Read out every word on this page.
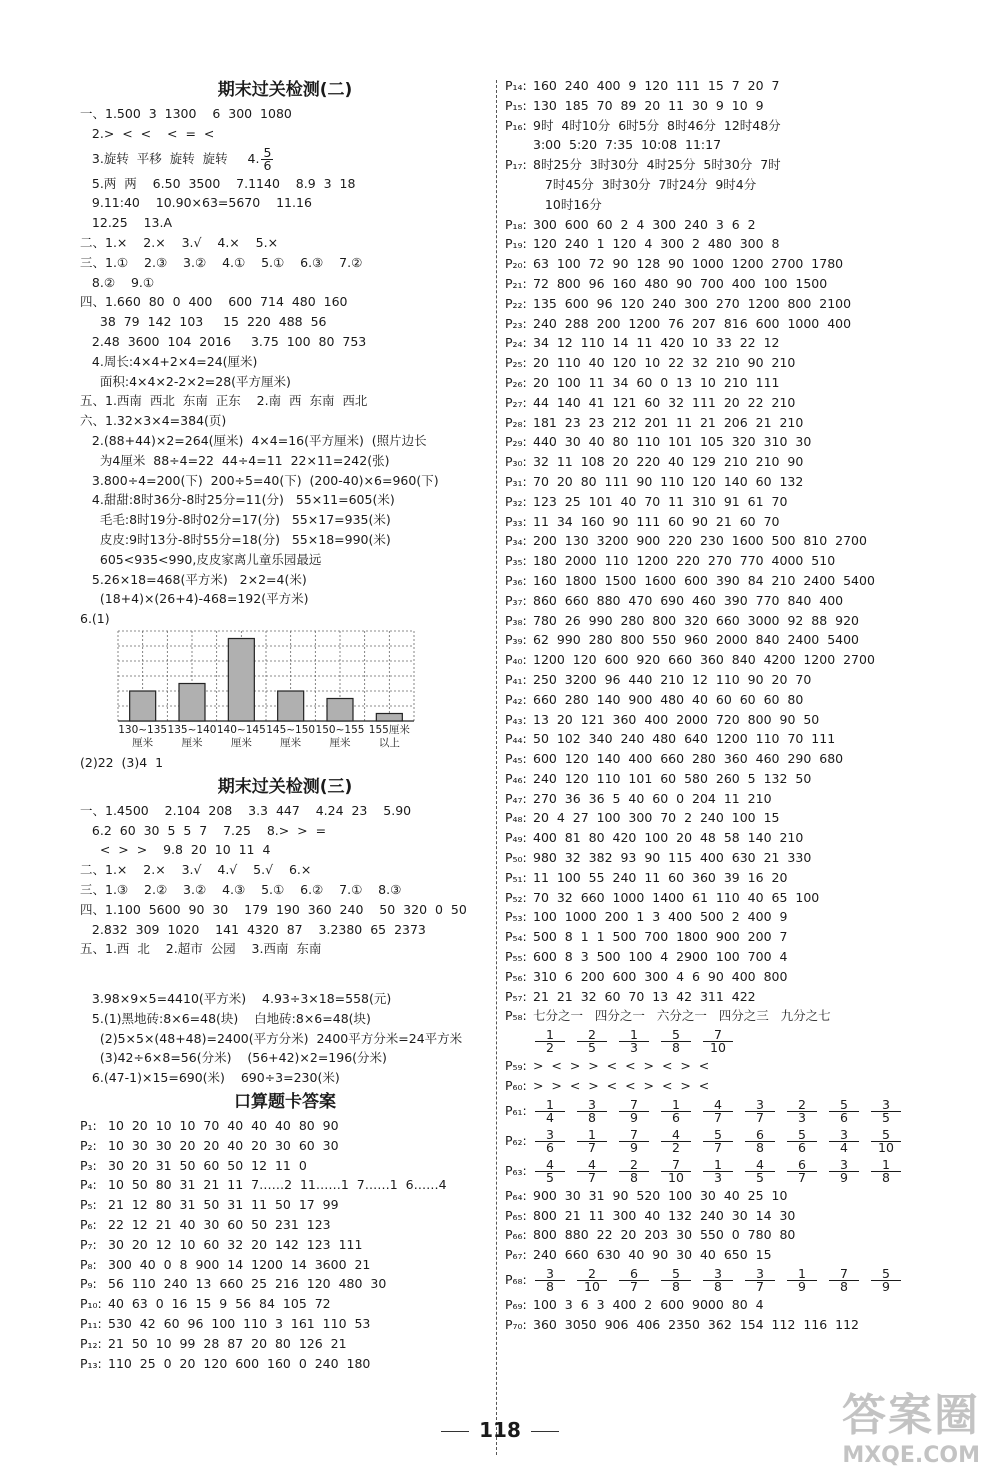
期末过关检测(二)
一、1.500  3  1300    6  300  1080
2.>  <  <    <  =  <
3.旋转  平移  旋转  旋转     4. $\frac{5}{6}$
5.两  两    6.50  3500    7.1140    8.9  3  18
9.11:40    10.90×63=5670    11.16
12.25    13.A
二、1.×    2.×    3.√    4.×    5.×
三、1.①    2.③    3.②    4.①    5.①    6.③    7.②
8.②    9.①
四、1.660  80  0  400    600  714  480  160
38  79  142  103     15  220  488  56
2.48  3600  104  2016     3.75  100  80  753
4.周长:4×4+2×4=24(厘米)
面积:4×4×2-2×2=28(平方厘米)
五、1.西南  西北  东南  正东    2.南  西  东南  西北
六、1.32×3×4=384(页)
2.(88+44)×2=264(厘米)  4×4=16(平方厘米)  (照片边长
为4厘米  88÷4=22  44÷4=11  22×11=242(张)
3.800÷4=200(下)  200÷5=40(下)  (200-40)×6=960(下)
4.甜甜:8时36分-8时25分=11(分)   55×11=605(米)
毛毛:8时19分-8时02分=17(分)   55×17=935(米)
皮皮:9时13分-8时55分=18(分)   55×18=990(米)
605<935<990,皮皮家离儿童乐园最远
5.26×18=468(平方米)   2×2=4(米)
(18+4)×(26+4)-468=192(平方米)
6.(1)
130~135
厘米
135~140
厘米
140~145
厘米
145~150
厘米
150~155
厘米
155厘米
以上
(2)22  (3)4  1
期末过关检测(三)
一、1.4500    2.104  208    3.3  447    4.24  23    5.90
6.2  60  30  5  5  7    7.25    8.>  >  =
<  >  >    9.8  20  10  11  4
二、1.×    2.×    3.√    4.√    5.√    6.×
三、1.③    2.②    3.②    4.③    5.①    6.②    7.①    8.③
四、1.100  5600  90  30    179  190  360  240    50  320  0  50
2.832  309  1020    141  4320  87    3.2380  65  2373
五、1.西  北    2.超市  公园    3.西南  东南

3.98×9×5=4410(平方米)    4.93÷3×18=558(元)
5.(1)黑地砖:8×6=48(块)    白地砖:8×6=48(块)
(2)5×5×(48+48)=2400(平方分米)  2400平方分米=24平方米
(3)42÷6×8=56(分米)    (56+42)×2=196(分米)
6.(47-1)×15=690(米)    690÷3=230(米)
口算题卡答案
P₁: 10  20  10  10  70  40  40  40  80  90
P₂: 10  30  30  20  20  40  20  30  60  30
P₃: 30  20  31  50  60  50  12  11  0
P₄: 10  50  80  31  21  11  7……2  11……1  7……1  6……4
P₅: 21  12  80  31  50  31  11  50  17  99
P₆: 22  12  21  40  30  60  50  231  123
P₇: 30  20  12  10  60  32  20  142  123  111
P₈: 300  40  0  8  900  14  1200  14  3600  21
P₉: 56  110  240  13  660  25  216  120  480  30
P₁₀: 40  63  0  16  15  9  56  84  105  72
P₁₁: 530  42  60  96  100  110  3  161  110  53
P₁₂: 21  50  10  99  28  87  20  80  126  21
P₁₃: 110  25  0  20  120  600  160  0  240  180
P₁₄: 160  240  400  9  120  111  15  7  20  7
P₁₅: 130  185  70  89  20  11  30  9  10  9
P₁₆: 9时  4时10分  6时5分  8时46分  12时48分
3:00  5:20  7:35  10:08  11:17
P₁₇: 8时25分  3时30分  4时25分  5时30分  7时
7时45分  3时30分  7时24分  9时4分
10时16分
P₁₈: 300  600  60  2  4  300  240  3  6  2
P₁₉: 120  240  1  120  4  300  2  480  300  8
P₂₀: 63  100  72  90  128  90  1000  1200  2700  1780
P₂₁: 72  800  96  160  480  90  700  400  100  1500
P₂₂: 135  600  96  120  240  300  270  1200  800  2100
P₂₃: 240  288  200  1200  76  207  816  600  1000  400
P₂₄: 34  12  110  14  11  420  10  33  22  12
P₂₅: 20  110  40  120  10  22  32  210  90  210
P₂₆: 20  100  11  34  60  0  13  10  210  111
P₂₇: 44  140  41  121  60  32  111  20  22  210
P₂₈: 181  23  23  212  201  11  21  206  21  210
P₂₉: 440  30  40  80  110  101  105  320  310  30
P₃₀: 32  11  108  20  220  40  129  210  210  90
P₃₁: 70  20  80  111  90  110  120  140  60  132
P₃₂: 123  25  101  40  70  11  310  91  61  70
P₃₃: 11  34  160  90  111  60  90  21  60  70
P₃₄: 200  130  3200  900  220  230  1600  500  810  2700
P₃₅: 180  2000  110  1200  220  270  770  4000  510
P₃₆: 160  1800  1500  1600  600  390  84  210  2400  5400
P₃₇: 860  660  880  470  690  460  390  770  840  400
P₃₈: 780  26  990  280  800  320  660  3000  92  88  920
P₃₉: 62  990  280  800  550  960  2000  840  2400  5400
P₄₀: 1200  120  600  920  660  360  840  4200  1200  2700
P₄₁: 250  3200  96  440  210  12  110  90  20  70
P₄₂: 660  280  140  900  480  40  60  60  60  80
P₄₃: 13  20  121  360  400  2000  720  800  90  50
P₄₄: 50  102  340  240  480  640  1200  110  70  111
P₄₅: 600  120  140  400  660  280  360  460  290  680
P₄₆: 240  120  110  101  60  580  260  5  132  50
P₄₇: 270  36  36  5  40  60  0  204  11  210
P₄₈: 20  4  27  100  300  70  2  240  100  15
P₄₉: 400  81  80  420  100  20  48  58  140  210
P₅₀: 980  32  382  93  90  115  400  630  21  330
P₅₁: 11  100  55  240  11  60  360  39  16  20
P₅₂: 70  32  660  1000  1400  61  110  40  65  100
P₅₃: 100  1000  200  1  3  400  500  2  400  9
P₅₄: 500  8  1  1  500  700  1800  900  200  7
P₅₅: 600  8  3  500  100  4  2900  100  700  4
P₅₆: 310  6  200  600  300  4  6  90  400  800
P₅₇: 21  21  32  60  70  13  42  311  422
P₅₈: 七分之一   四分之一   六分之一   四分之三   九分之七
$\frac{1}{2} \frac{2}{5} \frac{1}{3} \frac{5}{8} \frac{7}{10}$
P₅₉: >  <  >  >  <  <  >  <  >  <
P₆₀: >  >  <  >  <  <  >  <  >  <
P₆₁: $\frac{1}{4} \frac{3}{8} \frac{7}{9} \frac{1}{6} \frac{4}{7} \frac{3}{7} \frac{2}{3} \frac{5}{6} \frac{3}{5}$
P₆₂: $\frac{3}{6} \frac{1}{7} \frac{7}{9} \frac{4}{2} \frac{5}{7} \frac{6}{8} \frac{5}{6} \frac{3}{4} \frac{5}{10}$
P₆₃: $\frac{4}{5} \frac{4}{7} \frac{2}{8} \frac{7}{10} \frac{1}{3} \frac{4}{5} \frac{6}{7} \frac{3}{9} \frac{1}{8}$
P₆₄: 900  30  31  90  520  100  30  40  25  10
P₆₅: 800  21  11  300  40  132  240  30  14  30
P₆₆: 800  880  22  20  203  30  550  0  780  80
P₆₇: 240  660  630  40  90  30  40  650  15
P₆₈: $\frac{3}{8} \frac{2}{10} \frac{6}{7} \frac{5}{8} \frac{3}{8} \frac{3}{7} \frac{1}{9} \frac{7}{8} \frac{5}{9}$
P₆₉: 100  3  6  3  400  2  600  9000  80  4
P₇₀: 360  3050  906  406  2350  362  154  112  116  112
118	答案圈
MXQE.COM
